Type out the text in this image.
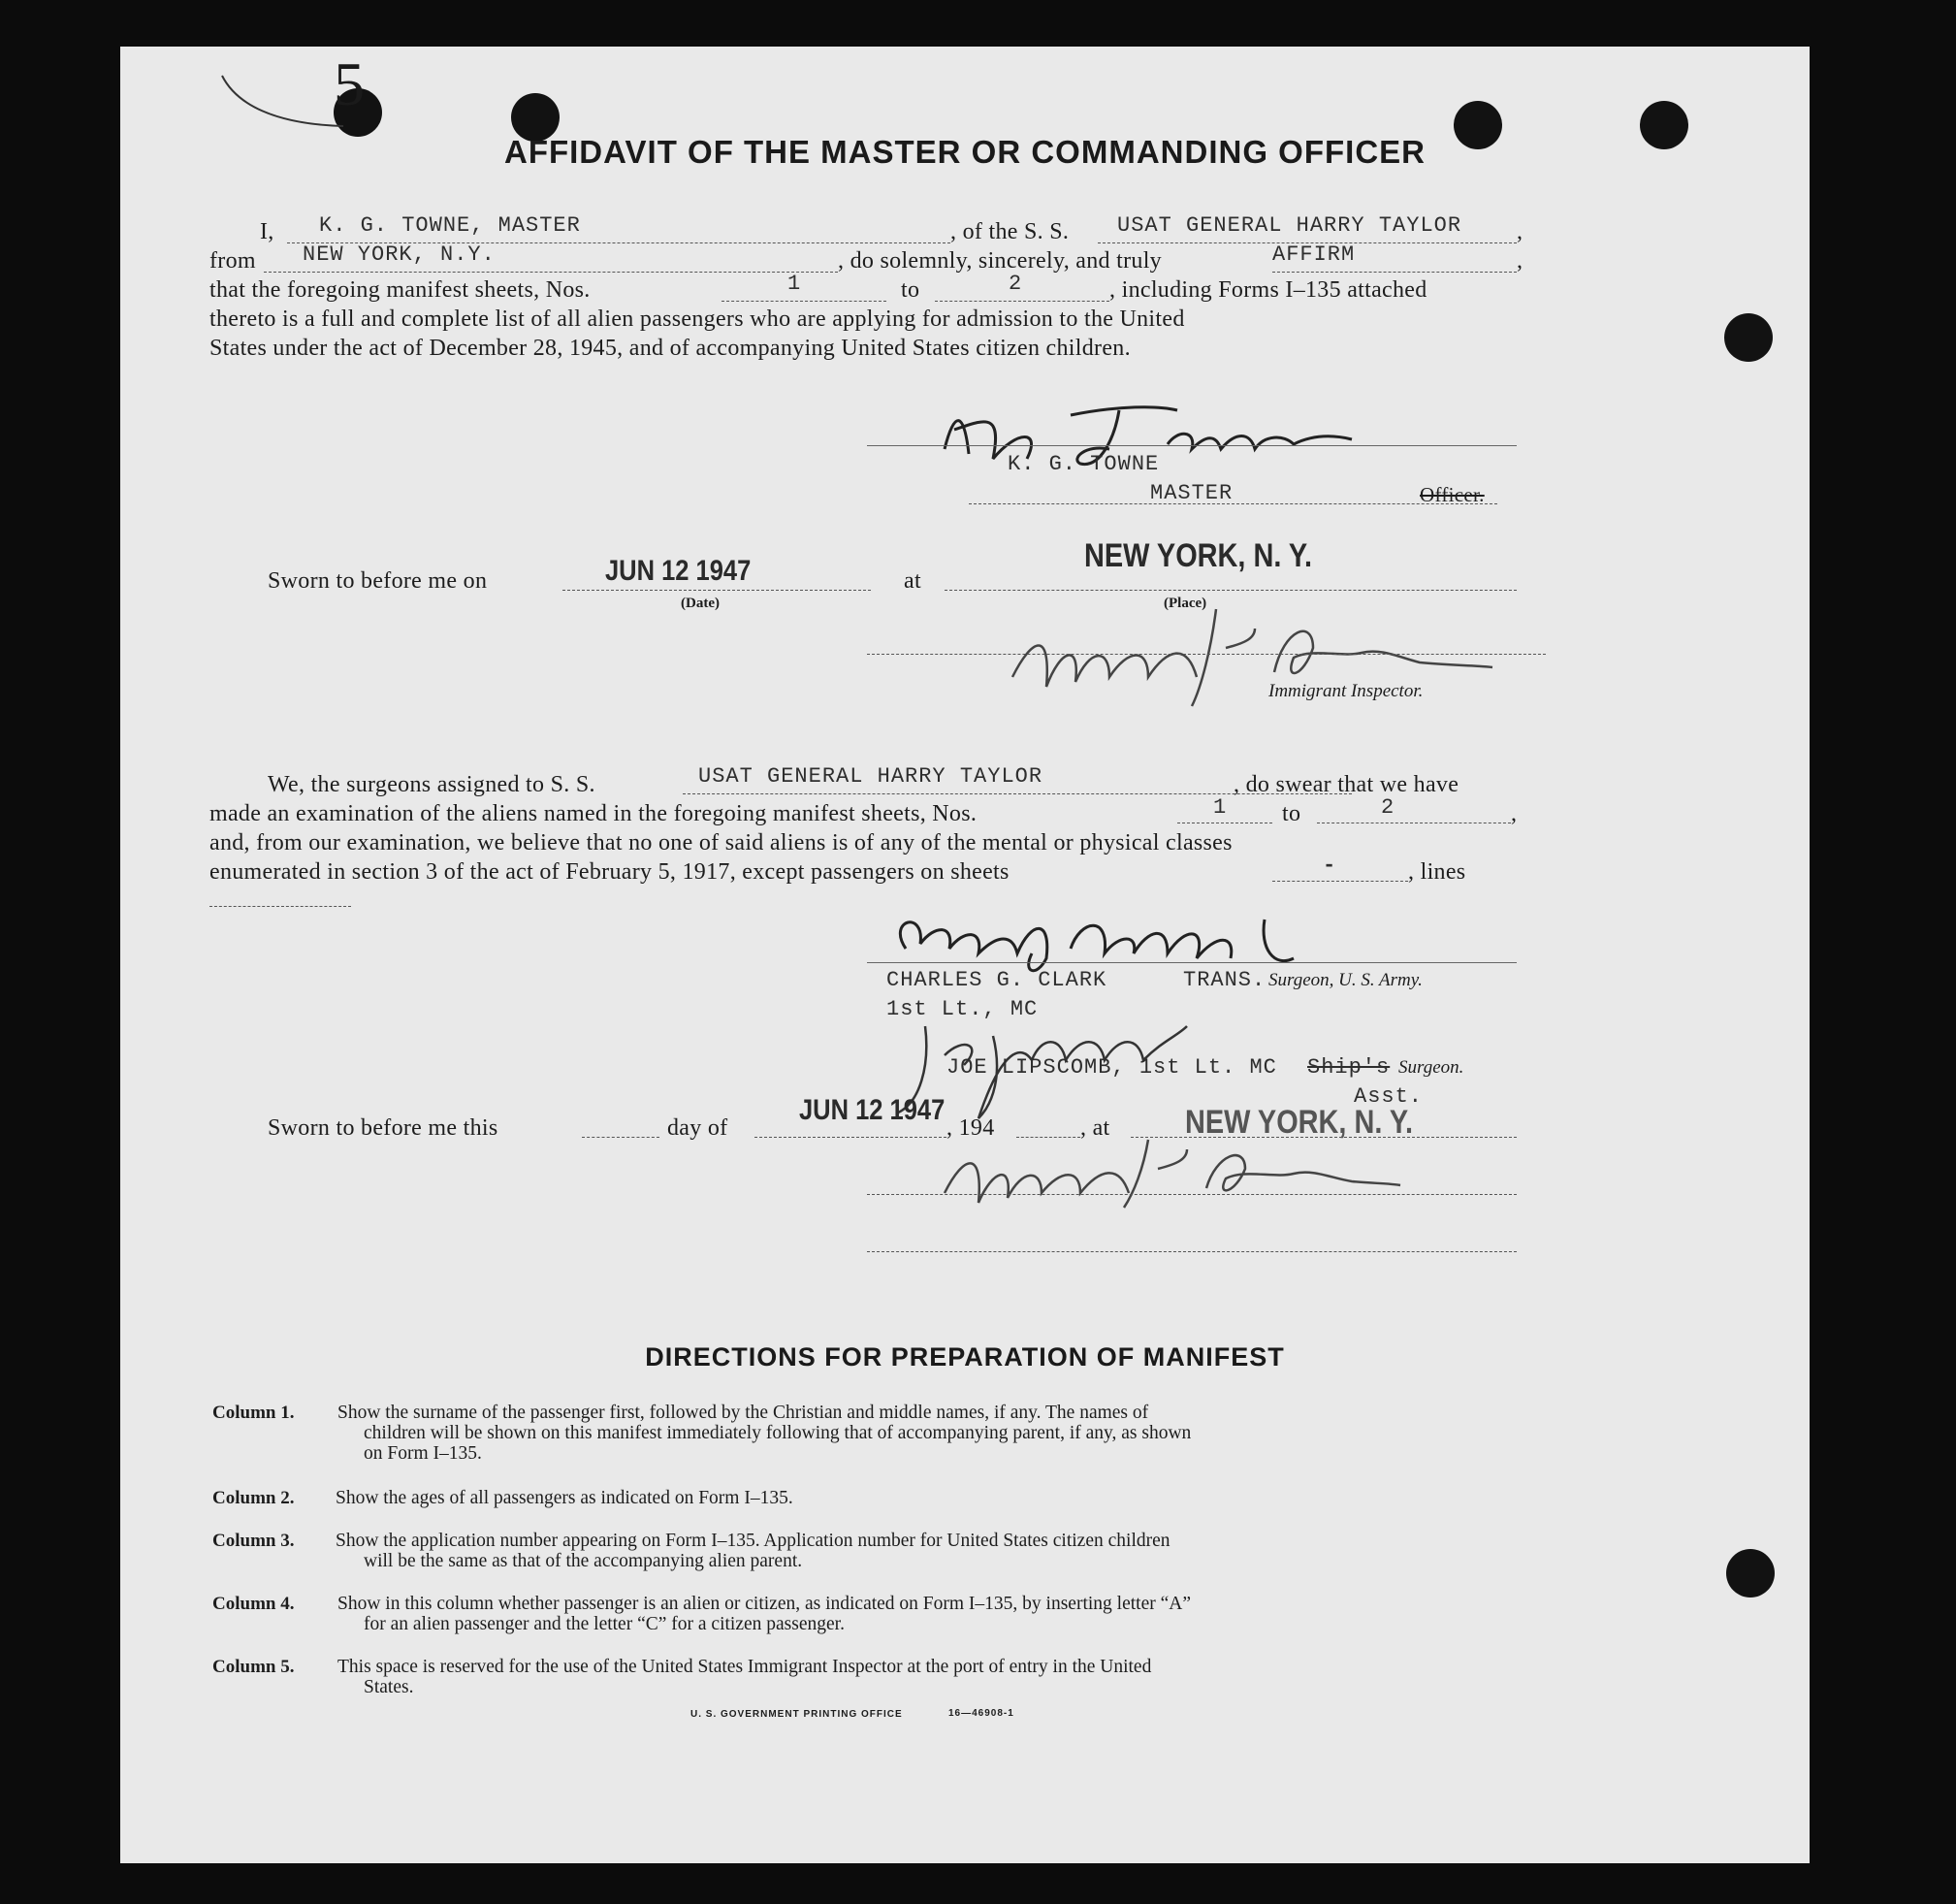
5
AFFIDAVIT OF THE MASTER OR COMMANDING OFFICER
I, K. G. TOWNE, MASTER	, of the S. S. USAT GENERAL HARRY TAYLOR ,
from NEW YORK, N.Y.	, do solemnly, sincerely, and truly	AFFIRM	,
that the foregoing manifest sheets, Nos.	1	to	2	, including Forms I–135 attached
thereto is a full and complete list of all alien passengers who are applying for admission to the United
States under the act of December 28, 1945, and of accompanying United States citizen children.
K. G. TOWNE
MASTER	Officer.
Sworn to before me on	JUN 12 1947
(Date)
at
NEW YORK, N. Y.
(Place)
Immigrant Inspector.
We, the surgeons assigned to S. S.	USAT GENERAL HARRY TAYLOR	, do swear that we have
made an examination of the aliens named in the foregoing manifest sheets, Nos.	1 to	2	,
and, from our examination, we believe that no one of said aliens is of any of the mental or physical classes
enumerated in section 3 of the act of February 5, 1917, except passengers on sheets	-	, lines
CHARLES G. CLARK	TRANS. Surgeon, U. S. Army.
1st Lt., MC
JOE LIPSCOMB, 1st Lt. MC Ship's Surgeon.
Asst.
Sworn to before me this	day of
JUN 12 1947
, 194	, at NEW YORK, N. Y.
DIRECTIONS FOR PREPARATION OF MANIFEST
Column 1. Show the surname of the passenger first, followed by the Christian and middle names, if any. The names of
children will be shown on this manifest immediately following that of accompanying parent, if any, as shown
on Form I–135.
Column 2. Show the ages of all passengers as indicated on Form I–135.
Column 3. Show the application number appearing on Form I–135. Application number for United States citizen children
will be the same as that of the accompanying alien parent.
Column 4. Show in this column whether passenger is an alien or citizen, as indicated on Form I–135, by inserting letter “A”
for an alien passenger and the letter “C” for a citizen passenger.
Column 5. This space is reserved for the use of the United States Immigrant Inspector at the port of entry in the United
States.
U. S. GOVERNMENT PRINTING OFFICE	16—46908-1
